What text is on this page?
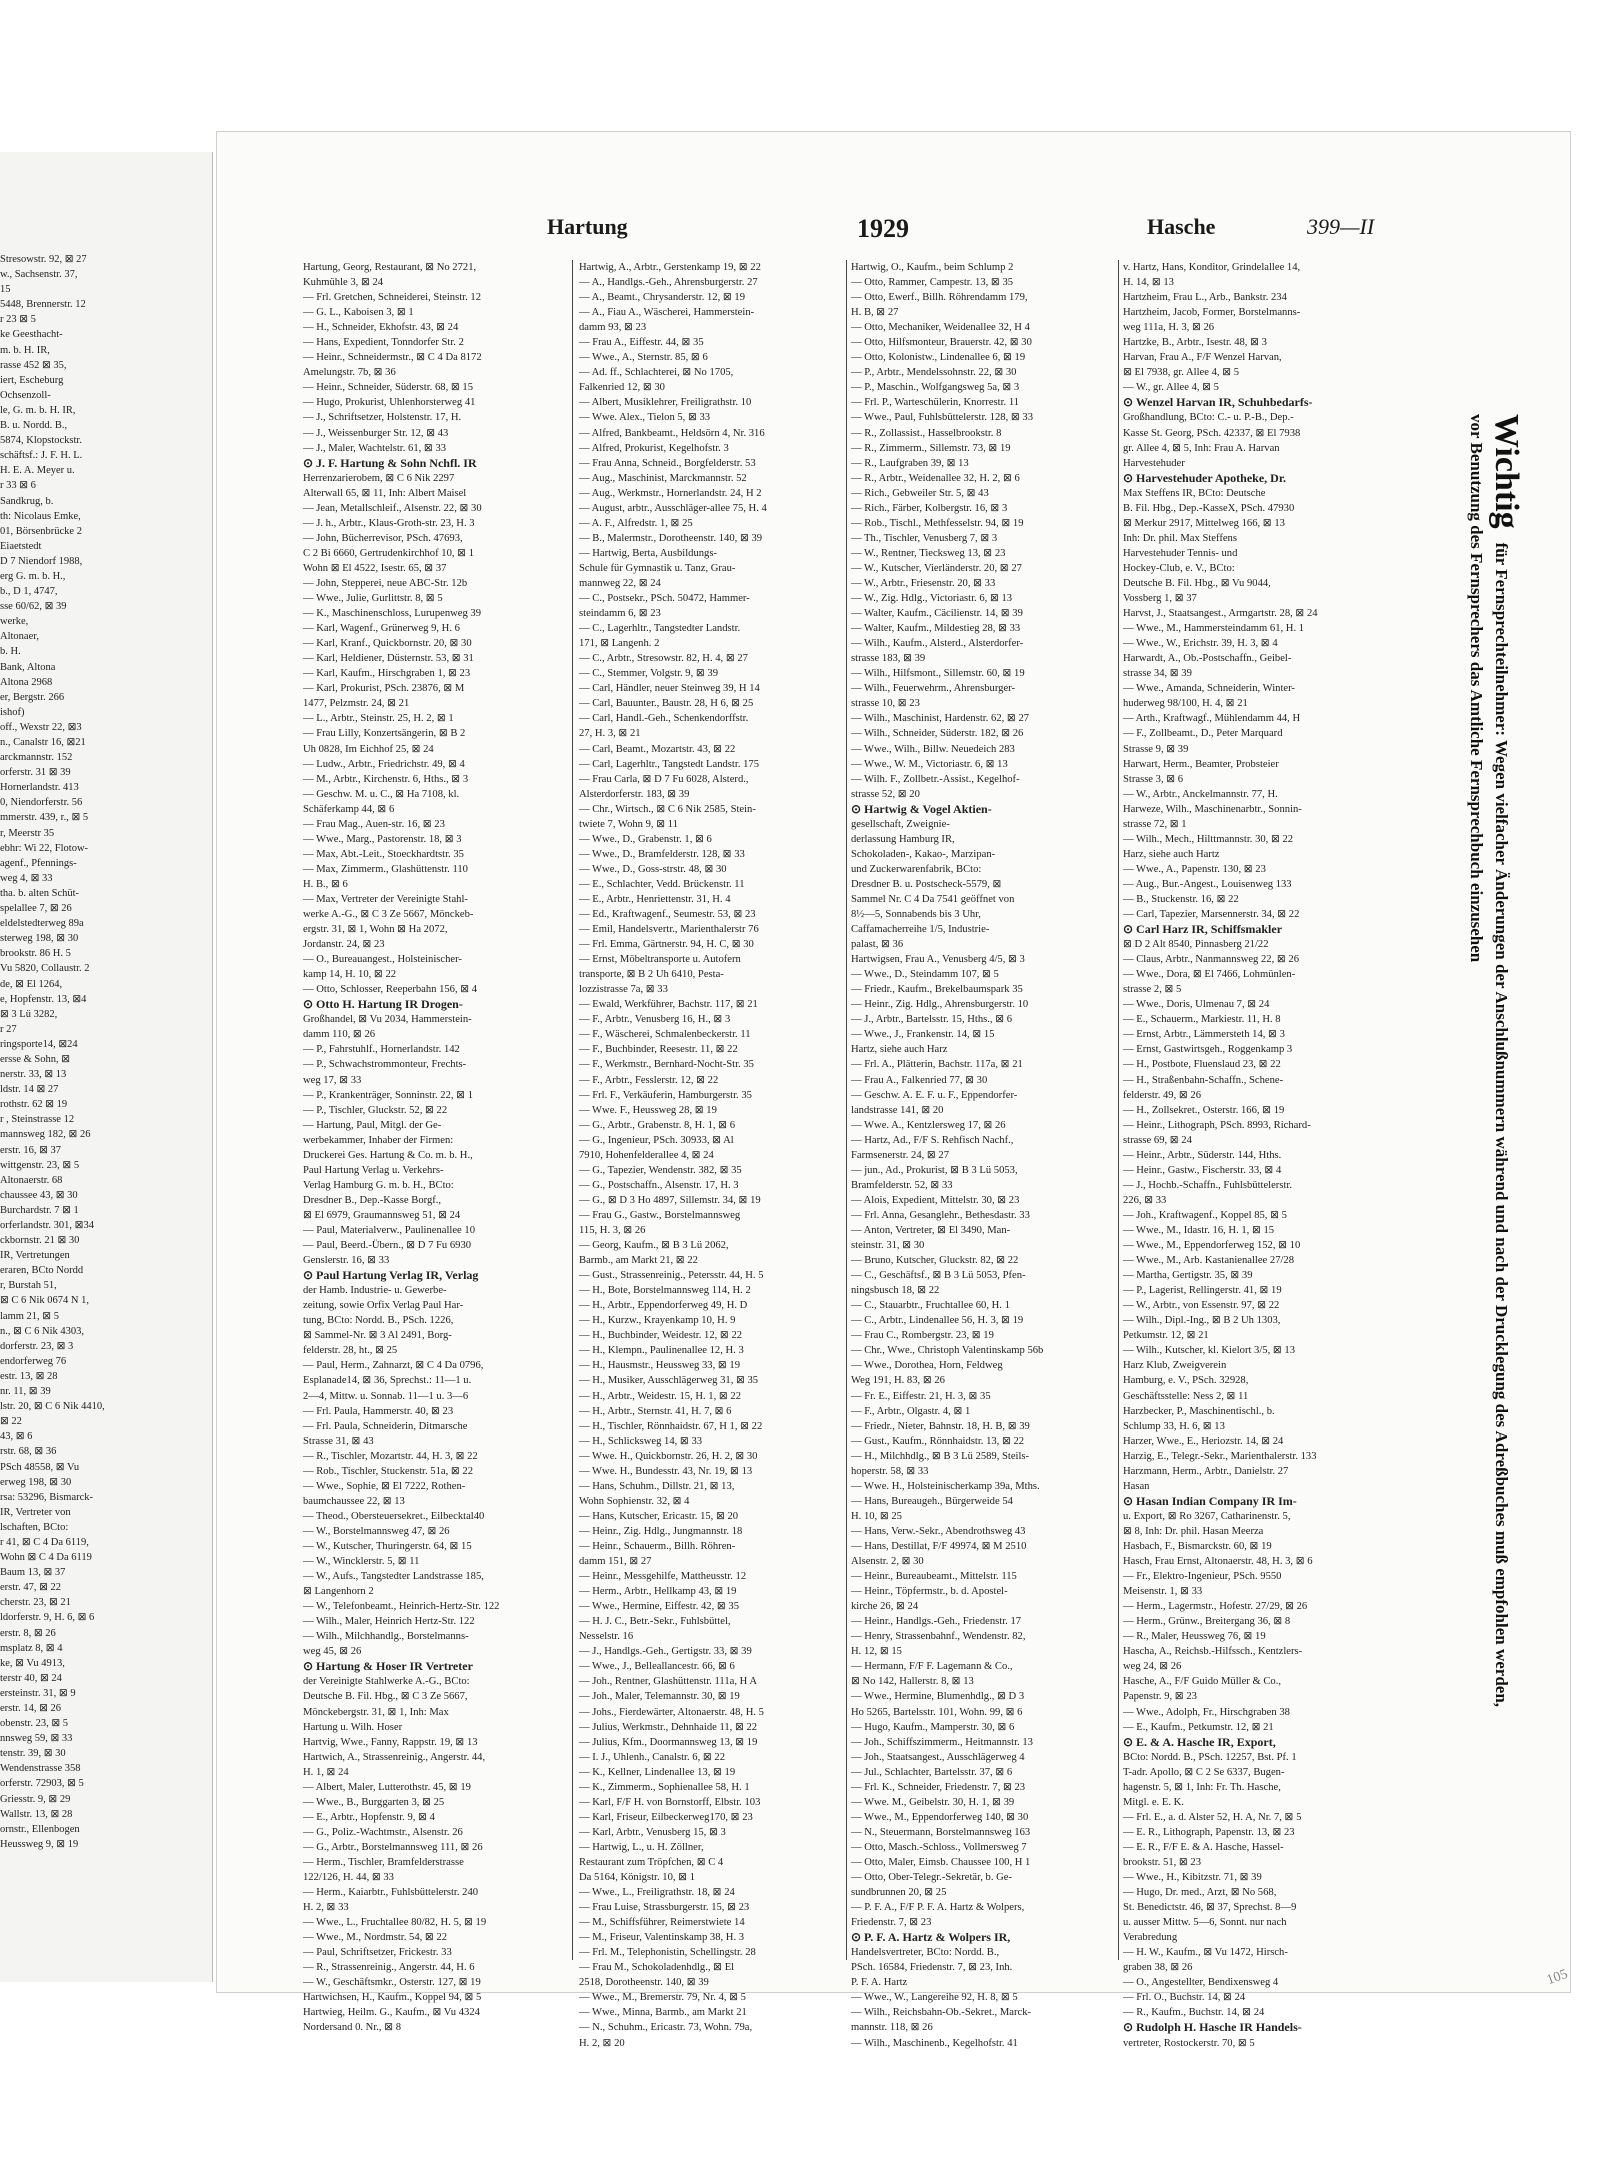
Stresowstr. 92, ⊠ 27
w., Sachsenstr. 37,
15
5448, Brennerstr. 12
r 23 ⊠ 5
ke Geesthacht-
m. b. H. IR,
rasse 452 ⊠ 35,
iert, Escheburg
Ochsenzoll-
le, G. m. b. H. IR,
B. u. Nordd. B.,
5874, Klopstockstr.
schäftsf.: J. F. H. L.
H. E. A. Meyer u.
r 33 ⊠ 6
Sandkrug, b.
th: Nicolaus Emke,
01, Börsenbrücke 2
Eiaetstedt
D 7 Niendorf 1988,
erg G. m. b. H.,
b., D 1, 4747,
sse 60/62, ⊠ 39
werke,
Altonaer,
b. H.
Bank, Altona
Altona 2968
er, Bergstr. 266
ishof)
off., Wexstr 22, ⊠3
n., Canalstr 16, ⊠21
arckmannstr. 152
orferstr. 31 ⊠ 39
Hornerlandstr. 413
0, Niendorferstr. 56
mmerstr. 439, r., ⊠ 5
r, Meerstr 35
ebhr: Wi 22, Flotow-
agenf., Pfennings-
weg 4, ⊠ 33
tha. b. alten Schüt-
spelallee 7, ⊠ 26
eldelstedterweg 89a
sterweg 198, ⊠ 30
brookstr. 86 H. 5
Vu 5820, Collaustr. 2
de, ⊠ El 1264,
e, Hopfenstr. 13, ⊠4
⊠ 3 Lü 3282,
r 27
ringsporte14, ⊠24
ersse & Sohn, ⊠
nerstr. 33, ⊠ 13
ldstr. 14 ⊠ 27
rothstr. 62 ⊠ 19
r , Steinstrasse 12
mannsweg 182, ⊠ 26
erstr. 16, ⊠ 37
wittgenstr. 23, ⊠ 5
Altonaerstr. 68
chaussee 43, ⊠ 30
Burchardstr. 7 ⊠ 1
orferlandstr. 301, ⊠34
ckbornstr. 21 ⊠ 30
IR, Vertretungen
eraren, BCto Nordd
r, Burstah 51,
⊠ C 6 Nik 0674 N 1,
lamm 21, ⊠ 5
n., ⊠ C 6 Nik 4303,
dorferstr. 23, ⊠ 3
endorferweg 76
estr. 13, ⊠ 28
nr. 11, ⊠ 39
lstr. 20, ⊠ C 6 Nik 4410,
⊠ 22
43, ⊠ 6
rstr. 68, ⊠ 36
PSch 48558, ⊠ Vu
erweg 198, ⊠ 30
rsa: 53296, Bismarck-
IR, Vertreter von
lschaften, BCto:
r 41, ⊠ C 4 Da 6119,
Wohn ⊠ C 4 Da 6119
Baum 13, ⊠ 37
erstr. 47, ⊠ 22
cherstr. 23, ⊠ 21
ldorferstr. 9, H. 6, ⊠ 6
erstr. 8, ⊠ 26
msplatz 8, ⊠ 4
ke, ⊠ Vu 4913,
terstr 40, ⊠ 24
ersteinstr. 31, ⊠ 9
erstr. 14, ⊠ 26
obenstr. 23, ⊠ 5
nnsweg 59, ⊠ 33
tenstr. 39, ⊠ 30
Wendenstrasse 358
orferstr. 72903, ⊠ 5
Griesstr. 9, ⊠ 29
Wallstr. 13, ⊠ 28
ornstr., Ellenbogen
Heussweg 9, ⊠ 19
Hartung	1929	Hasche	399—II
Hartung, Georg, Restaurant, ⊠ No 2721,
Kuhmühle 3, ⊠ 24
— Frl. Gretchen, Schneiderei, Steinstr. 12
— G. L., Kaboisen 3, ⊠ 1
— H., Schneider, Ekhofstr. 43, ⊠ 24
— Hans, Expedient, Tonndorfer Str. 2
— Heinr., Schneidermstr., ⊠ C 4 Da 8172
Amelungstr. 7b, ⊠ 36
— Heinr., Schneider, Süderstr. 68, ⊠ 15
— Hugo, Prokurist, Uhlenhorsterweg 41
— J., Schriftsetzer, Holstenstr. 17, H.
— J., Weissenburger Str. 12, ⊠ 43
— J., Maler, Wachtelstr. 61, ⊠ 33
⊙ J. F. Hartung & Sohn Nchfl. IR
Herrenzarierobem, ⊠ C 6 Nik 2297
Alterwall 65, ⊠ 11, Inh: Albert Maisel
— Jean, Metallschleif., Alsenstr. 22, ⊠ 30
— J. h., Arbtr., Klaus-Groth-str. 23, H. 3
— John, Bücherrevisor, PSch. 47693,
C 2 Bi 6660, Gertrudenkirchhof 10, ⊠ 1
Wohn ⊠ El 4522, Isestr. 65, ⊠ 37
— John, Stepperei, neue ABC-Str. 12b
— Wwe., Julie, Gurlittstr. 8, ⊠ 5
— K., Maschinenschloss, Lurupenweg 39
— Karl, Wagenf., Grünerweg 9, H. 6
— Karl, Kranf., Quickbornstr. 20, ⊠ 30
— Karl, Heldiener, Düsternstr. 53, ⊠ 31
— Karl, Kaufm., Hirschgraben 1, ⊠ 23
— Karl, Prokurist, PSch. 23876, ⊠ M
1477, Pelzmstr. 24, ⊠ 21
— L., Arbtr., Steinstr. 25, H. 2, ⊠ 1
— Frau Lilly, Konzertsängerin, ⊠ B 2
Uh 0828, Im Eichhof 25, ⊠ 24
— Ludw., Arbtr., Friedrichstr. 49, ⊠ 4
— M., Arbtr., Kirchenstr. 6, Hths., ⊠ 3
— Geschw. M. u. C., ⊠ Ha 7108, kl.
Schäferkamp 44, ⊠ 6
— Frau Mag., Auen-str. 16, ⊠ 23
— Wwe., Marg., Pastorenstr. 18, ⊠ 3
— Max, Abt.-Leit., Stoeckhardtstr. 35
— Max, Zimmerm., Glashüttenstr. 110
H. B., ⊠ 6
— Max, Vertreter der Vereinigte Stahl-
werke A.-G., ⊠ C 3 Ze 5667, Mönckeb-
ergstr. 31, ⊠ 1, Wohn ⊠ Ha 2072,
Jordanstr. 24, ⊠ 23
— O., Bureauangest., Holsteinischer-
kamp 14, H. 10, ⊠ 22
— Otto, Schlosser, Reeperbahn 156, ⊠ 4
⊙ Otto H. Hartung IR Drogen-
Großhandel, ⊠ Vu 2034, Hammerstein-
damm 110, ⊠ 26
— P., Fahrstuhlf., Hornerlandstr. 142
— P., Schwachstrommonteur, Frechts-
weg 17, ⊠ 33
— P., Krankenträger, Sonninstr. 22, ⊠ 1
— P., Tischler, Gluckstr. 52, ⊠ 22
— Hartung, Paul, Mitgl. der Ge-
werbekammer, Inhaber der Firmen:
Druckerei Ges. Hartung & Co. m. b. H.,
Paul Hartung Verlag u. Verkehrs-
Verlag Hamburg G. m. b. H., BCto:
Dresdner B., Dep.-Kasse Borgf.,
⊠ El 6979, Graumannsweg 51, ⊠ 24
— Paul, Materialverw., Paulinenallee 10
— Paul, Beerd.-Übern., ⊠ D 7 Fu 6930
Genslerstr. 16, ⊠ 33
⊙ Paul Hartung Verlag IR, Verlag
der Hamb. Industrie- u. Gewerbe-
zeitung, sowie Orfix Verlag Paul Har-
tung, BCto: Nordd. B., PSch. 1226,
⊠ Sammel-Nr. ⊠ 3 Al 2491, Borg-
felderstr. 28, ht., ⊠ 25
— Paul, Herm., Zahnarzt, ⊠ C 4 Da 0796,
Esplanade14, ⊠ 36, Sprechst.: 11—1 u.
2—4, Mittw. u. Sonnab. 11—1 u. 3—6
— Frl. Paula, Hammerstr. 40, ⊠ 23
— Frl. Paula, Schneiderin, Ditmarsche
Strasse 31, ⊠ 43
— R., Tischler, Mozartstr. 44, H. 3, ⊠ 22
— Rob., Tischler, Stuckenstr. 51a, ⊠ 22
— Wwe., Sophie, ⊠ El 7222, Rothen-
baumchaussee 22, ⊠ 13
— Theod., Obersteuersekret., Eilbecktal40
— W., Borstelmannsweg 47, ⊠ 26
— W., Kutscher, Thuringerstr. 64, ⊠ 15
— W., Wincklerstr. 5, ⊠ 11
— W., Aufs., Tangstedter Landstrasse 185,
⊠ Langenhorn 2
— W., Telefonbeamt., Heinrich-Hertz-Str. 122
— Wilh., Maler, Heinrich Hertz-Str. 122
— Wilh., Milchhandlg., Borstelmanns-
weg 45, ⊠ 26
⊙ Hartung & Hoser IR Vertreter
der Vereinigte Stahlwerke A.-G., BCto:
Deutsche B. Fil. Hbg., ⊠ C 3 Ze 5667,
Mönckebergstr. 31, ⊠ 1, Inh: Max
Hartung u. Wilh. Hoser
Hartvig, Wwe., Fanny, Rappstr. 19, ⊠ 13
Hartwich, A., Strassenreinig., Angerstr. 44,
H. 1, ⊠ 24
— Albert, Maler, Lutterothstr. 45, ⊠ 19
— Wwe., B., Burggarten 3, ⊠ 25
— E., Arbtr., Hopfenstr. 9, ⊠ 4
— G., Poliz.-Wachtmstr., Alsenstr. 26
— G., Arbtr., Borstelmannsweg 111, ⊠ 26
— Herm., Tischler, Bramfelderstrasse
122/126, H. 44, ⊠ 33
— Herm., Kaiarbtr., Fuhlsbüttelerstr. 240
H. 2, ⊠ 33
— Wwe., L., Fruchtallee 80/82, H. 5, ⊠ 19
— Wwe., M., Nordmstr. 54, ⊠ 22
— Paul, Schriftsetzer, Frickestr. 33
— R., Strassenreinig., Angerstr. 44, H. 6
— W., Geschäftsmkr., Osterstr. 127, ⊠ 19
Hartwichsen, H., Kaufm., Koppel 94, ⊠ 5
Hartwieg, Heilm. G., Kaufm., ⊠ Vu 4324
Nordersand 0. Nr., ⊠ 8
Hartwig, A., Arbtr., Gerstenkamp 19, ⊠ 22
— A., Handlgs.-Geh., Ahrensburgerstr. 27
— A., Beamt., Chrysanderstr. 12, ⊠ 19
— A., Fiau A., Wäscherei, Hammerstein-
damm 93, ⊠ 23
— Frau A., Eiffestr. 44, ⊠ 35
— Wwe., A., Sternstr. 85, ⊠ 6
— Ad. ff., Schlachterei, ⊠ No 1705,
Falkenried 12, ⊠ 30
— Albert, Musiklehrer, Freiligrathstr. 10
— Wwe. Alex., Tielon 5, ⊠ 33
— Alfred, Bankbeamt., Heldsörn 4, Nr. 316
— Alfred, Prokurist, Kegelhofstr. 3
— Frau Anna, Schneid., Borgfelderstr. 53
— Aug., Maschinist, Marckmannstr. 52
— Aug., Werkmstr., Hornerlandstr. 24, H 2
— August, arbtr., Ausschläger-allee 75, H. 4
— A. F., Alfredstr. 1, ⊠ 25
— B., Malermstr., Dorotheenstr. 140, ⊠ 39
— Hartwig, Berta, Ausbildungs-
Schule für Gymnastik u. Tanz, Grau-
mannweg 22, ⊠ 24
— C., Postsekr., PSch. 50472, Hammer-
steindamm 6, ⊠ 23
— C., Lagerhltr., Tangstedter Landstr.
171, ⊠ Langenh. 2
— C., Arbtr., Stresowstr. 82, H. 4, ⊠ 27
— C., Stemmer, Volgstr. 9, ⊠ 39
— Carl, Händler, neuer Steinweg 39, H 14
— Carl, Bauunter., Baustr. 28, H 6, ⊠ 25
— Carl, Handl.-Geh., Schenkendorffstr.
27, H. 3, ⊠ 21
— Carl, Beamt., Mozartstr. 43, ⊠ 22
— Carl, Lagerhltr., Tangstedt Landstr. 175
— Frau Carla, ⊠ D 7 Fu 6028, Alsterd.,
Alsterdorferstr. 183, ⊠ 39
— Chr., Wirtsch., ⊠ C 6 Nik 2585, Stein-
twiete 7, Wohn 9, ⊠ 11
— Wwe., D., Grabenstr. 1, ⊠ 6
— Wwe., D., Bramfelderstr. 128, ⊠ 33
— Wwe., D., Goss-strstr. 48, ⊠ 30
— E., Schlachter, Vedd. Brückenstr. 11
— E., Arbtr., Henriettenstr. 31, H. 4
— Ed., Kraftwagenf., Seumestr. 53, ⊠ 23
— Emil, Handelsvertr., Marienthalerstr 76
— Frl. Emma, Gärtnerstr. 94, H. C, ⊠ 30
— Ernst, Möbeltransporte u. Autofern
transporte, ⊠ B 2 Uh 6410, Pesta-
lozzistrasse 7a, ⊠ 33
— Ewald, Werkführer, Bachstr. 117, ⊠ 21
— F., Arbtr., Venusberg 16, H., ⊠ 3
— F., Wäscherei, Schmalenbeckerstr. 11
— F., Buchbinder, Reesestr. 11, ⊠ 22
— F., Werkmstr., Bernhard-Nocht-Str. 35
— F., Arbtr., Fesslerstr. 12, ⊠ 22
— Frl. F., Verkäuferin, Hamburgerstr. 35
— Wwe. F., Heussweg 28, ⊠ 19
— G., Arbtr., Grabenstr. 8, H. 1, ⊠ 6
— G., Ingenieur, PSch. 30933, ⊠ Al
7910, Hohenfelderallee 4, ⊠ 24
— G., Tapezier, Wendenstr. 382, ⊠ 35
— G., Postschaffn., Alsenstr. 17, H. 3
— G., ⊠ D 3 Ho 4897, Sillemstr. 34, ⊠ 19
— Frau G., Gastw., Borstelmannsweg
115, H. 3, ⊠ 26
— Georg, Kaufm., ⊠ B 3 Lü 2062,
Barmb., am Markt 21, ⊠ 22
— Gust., Strassenreinig., Petersstr. 44, H. 5
— H., Bote, Borstelmannsweg 114, H. 2
— H., Arbtr., Eppendorferweg 49, H. D
— H., Kurzw., Krayenkamp 10, H. 9
— H., Buchbinder, Weidestr. 12, ⊠ 22
— H., Klempn., Paulinenallee 12, H. 3
— H., Hausmstr., Heussweg 33, ⊠ 19
— H., Musiker, Ausschlägerweg 31, ⊠ 35
— H., Arbtr., Weidestr. 15, H. 1, ⊠ 22
— H., Arbtr., Sternstr. 41, H. 7, ⊠ 6
— H., Tischler, Rönnhaidstr. 67, H 1, ⊠ 22
— H., Schlicksweg 14, ⊠ 33
— Wwe. H., Quickbornstr. 26, H. 2, ⊠ 30
— Wwe. H., Bundesstr. 43, Nr. 19, ⊠ 13
— Hans, Schuhm., Dillstr. 21, ⊠ 13,
Wohn Sophienstr. 32, ⊠ 4
— Hans, Kutscher, Ericastr. 15, ⊠ 20
— Heinr., Zig. Hdlg., Jungmannstr. 18
— Heinr., Schauerm., Billh. Röhren-
damm 151, ⊠ 27
— Heinr., Messgehilfe, Mattheusstr. 12
— Herm., Arbtr., Hellkamp 43, ⊠ 19
— Wwe., Hermine, Eiffestr. 42, ⊠ 35
— H. J. C., Betr.-Sekr., Fuhlsbüttel,
Nesselstr. 16
— J., Handlgs.-Geh., Gertigstr. 33, ⊠ 39
— Wwe., J., Belleallancestr. 66, ⊠ 6
— Joh., Rentner, Glashüttenstr. 111a, H A
— Joh., Maler, Telemannstr. 30, ⊠ 19
— Johs., Fierdewärter, Altonaerstr. 48, H. 5
— Julius, Werkmstr., Dehnhaide 11, ⊠ 22
— Julius, Kfm., Doormannsweg 13, ⊠ 19
— I. J., Uhlenh., Canalstr. 6, ⊠ 22
— K., Kellner, Lindenallee 13, ⊠ 19
— K., Zimmerm., Sophienallee 58, H. 1
— Karl, F/F H. von Bornstorff, Elbstr. 103
— Karl, Friseur, Eilbeckerweg170, ⊠ 23
— Karl, Arbtr., Venusberg 15, ⊠ 3
— Hartwig, L., u. H. Zöllner,
Restaurant zum Tröpfchen, ⊠ C 4
Da 5164, Königstr. 10, ⊠ 1
— Wwe., L., Freiligrathstr. 18, ⊠ 24
— Frau Luise, Strassburgerstr. 15, ⊠ 23
— M., Schiffsführer, Reimerstwiete 14
— M., Friseur, Valentinskamp 38, H. 3
— Frl. M., Telephonistin, Schellingstr. 28
— Frau M., Schokoladenhdlg., ⊠ El
2518, Dorotheenstr. 140, ⊠ 39
— Wwe., M., Bremerstr. 79, Nr. 4, ⊠ 5
— Wwe., Minna, Barmb., am Markt 21
— N., Schuhm., Ericastr. 73, Wohn. 79a,
H. 2, ⊠ 20
Hartwig, O., Kaufm., beim Schlump 2
— Otto, Rammer, Campestr. 13, ⊠ 35
— Otto, Ewerf., Billh. Röhrendamm 179,
H. B, ⊠ 27
— Otto, Mechaniker, Weidenallee 32, H 4
— Otto, Hilfsmonteur, Brauerstr. 42, ⊠ 30
— Otto, Kolonistw., Lindenallee 6, ⊠ 19
— P., Arbtr., Mendelssohnstr. 22, ⊠ 30
— P., Maschin., Wolfgangsweg 5a, ⊠ 3
— Frl. P., Warteschülerin, Knorrestr. 11
— Wwe., Paul, Fuhlsbüttelerstr. 128, ⊠ 33
— R., Zollassist., Hasselbrookstr. 8
— R., Zimmerm., Sillemstr. 73, ⊠ 19
— R., Laufgraben 39, ⊠ 13
— R., Arbtr., Weidenallee 32, H. 2, ⊠ 6
— Rich., Gebweiler Str. 5, ⊠ 43
— Rich., Färber, Kolbergstr. 16, ⊠ 3
— Rob., Tischl., Methfesselstr. 94, ⊠ 19
— Th., Tischler, Venusberg 7, ⊠ 3
— W., Rentner, Tiecksweg 13, ⊠ 23
— W., Kutscher, Vierländerstr. 20, ⊠ 27
— W., Arbtr., Friesenstr. 20, ⊠ 33
— W., Zig. Hdlg., Victoriastr. 6, ⊠ 13
— Walter, Kaufm., Cäcilienstr. 14, ⊠ 39
— Walter, Kaufm., Mildestieg 28, ⊠ 33
— Wilh., Kaufm., Alsterd., Alsterdorfer-
strasse 183, ⊠ 39
— Wilh., Hilfsmont., Sillemstr. 60, ⊠ 19
— Wilh., Feuerwehrm., Ahrensburger-
strasse 10, ⊠ 23
— Wilh., Maschinist, Hardenstr. 62, ⊠ 27
— Wilh., Schneider, Süderstr. 182, ⊠ 26
— Wwe., Wilh., Billw. Neuedeich 283
— Wwe., W. M., Victoriastr. 6, ⊠ 13
— Wilh. F., Zollbetr.-Assist., Kegelhof-
strasse 52, ⊠ 20
⊙ Hartwig & Vogel Aktien-
gesellschaft, Zweignie-
derlassung Hamburg IR,
Schokoladen-, Kakao-, Marzipan-
und Zuckerwarenfabrik, BCto:
Dresdner B. u. Postscheck-5579, ⊠
Sammel Nr. C 4 Da 7541 geöffnet von
8½—5, Sonnabends bis 3 Uhr,
Caffamacherreihe 1/5, Industrie-
palast, ⊠ 36
Hartwigsen, Frau A., Venusberg 4/5, ⊠ 3
— Wwe., D., Steindamm 107, ⊠ 5
— Friedr., Kaufm., Brekelbaumspark 35
— Heinr., Zig. Hdlg., Ahrensburgerstr. 10
— J., Arbtr., Bartelsstr. 15, Hths., ⊠ 6
— Wwe., J., Frankenstr. 14, ⊠ 15
Hartz, siehe auch Harz
— Frl. A., Plätterin, Bachstr. 117a, ⊠ 21
— Frau A., Falkenried 77, ⊠ 30
— Geschw. A. E. F. u. F., Eppendorfer-
landstrasse 141, ⊠ 20
— Wwe. A., Kentzlersweg 17, ⊠ 26
— Hartz, Ad., F/F S. Rehfisch Nachf.,
Farmsenerstr. 24, ⊠ 27
— jun., Ad., Prokurist, ⊠ B 3 Lü 5053,
Bramfelderstr. 52, ⊠ 33
— Alois, Expedient, Mittelstr. 30, ⊠ 23
— Frl. Anna, Gesanglehr., Bethesdastr. 33
— Anton, Vertreter, ⊠ El 3490, Man-
steinstr. 31, ⊠ 30
— Bruno, Kutscher, Gluckstr. 82, ⊠ 22
— C., Geschäftsf., ⊠ B 3 Lü 5053, Pfen-
ningsbusch 18, ⊠ 22
— C., Stauarbtr., Fruchtallee 60, H. 1
— C., Arbtr., Lindenallee 56, H. 3, ⊠ 19
— Frau C., Rombergstr. 23, ⊠ 19
— Chr., Wwe., Christoph Valentinskamp 56b
— Wwe., Dorothea, Horn, Feldweg
Weg 191, H. 83, ⊠ 26
— Fr. E., Eiffestr. 21, H. 3, ⊠ 35
— F., Arbtr., Olgastr. 4, ⊠ 1
— Friedr., Nieter, Bahnstr. 18, H. B, ⊠ 39
— Gust., Kaufm., Rönnhaidstr. 13, ⊠ 22
— H., Milchhdlg., ⊠ B 3 Lü 2589, Steils-
hoperstr. 58, ⊠ 33
— Wwe. H., Holsteinischerkamp 39a, Mths.
— Hans, Bureaugeh., Bürgerweide 54
H. 10, ⊠ 25
— Hans, Verw.-Sekr., Abendrothsweg 43
— Hans, Destillat, F/F 49974, ⊠ M 2510
Alsenstr. 2, ⊠ 30
— Heinr., Bureaubeamt., Mittelstr. 115
— Heinr., Töpfermstr., b. d. Apostel-
kirche 26, ⊠ 24
— Heinr., Handlgs.-Geh., Friedenstr. 17
— Henry, Strassenbahnf., Wendenstr. 82,
H. 12, ⊠ 15
— Hermann, F/F F. Lagemann & Co.,
⊠ No 142, Hallerstr. 8, ⊠ 13
— Wwe., Hermine, Blumenhdlg., ⊠ D 3
Ho 5265, Bartelsstr. 101, Wohn. 99, ⊠ 6
— Hugo, Kaufm., Mamperstr. 30, ⊠ 6
— Joh., Schiffszimmerm., Heitmannstr. 13
— Joh., Staatsangest., Ausschlägerweg 4
— Jul., Schlachter, Bartelsstr. 37, ⊠ 6
— Frl. K., Schneider, Friedenstr. 7, ⊠ 23
— Wwe. M., Geibelstr. 30, H. 1, ⊠ 39
— Wwe., M., Eppendorferweg 140, ⊠ 30
— N., Steuermann, Borstelmannsweg 163
— Otto, Masch.-Schloss., Vollmersweg 7
— Otto, Maler, Eimsb. Chaussee 100, H 1
— Otto, Ober-Telegr.-Sekretär, b. Ge-
sundbrunnen 20, ⊠ 25
— P. F. A., F/F P. F. A. Hartz & Wolpers,
Friedenstr. 7, ⊠ 23
⊙ P. F. A. Hartz & Wolpers IR,
Handelsvertreter, BCto: Nordd. B.,
PSch. 16584, Friedenstr. 7, ⊠ 23, Inh.
P. F. A. Hartz
— Wwe., W., Langereihe 92, H. 8, ⊠ 5
— Wilh., Reichsbahn-Ob.-Sekret., Marck-
mannstr. 118, ⊠ 26
— Wilh., Maschinenb., Kegelhofstr. 41
v. Hartz, Hans, Konditor, Grindelallee 14,
H. 14, ⊠ 13
Hartzheim, Frau L., Arb., Bankstr. 234
Hartzheim, Jacob, Former, Borstelmanns-
weg 111a, H. 3, ⊠ 26
Hartzke, B., Arbtr., Isestr. 48, ⊠ 3
Harvan, Frau A., F/F Wenzel Harvan,
⊠ El 7938, gr. Allee 4, ⊠ 5
— W., gr. Allee 4, ⊠ 5
⊙ Wenzel Harvan IR, Schuhbedarfs-
Großhandlung, BCto: C.- u. P.-B., Dep.-
Kasse St. Georg, PSch. 42337, ⊠ El 7938
gr. Allee 4, ⊠ 5, Inh: Frau A. Harvan
Harvestehuder
⊙ Harvestehuder Apotheke, Dr.
Max Steffens IR, BCto: Deutsche
B. Fil. Hbg., Dep.-KasseX, PSch. 47930
⊠ Merkur 2917, Mittelweg 166, ⊠ 13
Inh: Dr. phil. Max Steffens
Harvestehuder Tennis- und
Hockey-Club, e. V., BCto:
Deutsche B. Fil. Hbg., ⊠ Vu 9044,
Vossberg 1, ⊠ 37
Harvst, J., Staatsangest., Armgartstr. 28, ⊠ 24
— Wwe., M., Hammersteindamm 61, H. 1
— Wwe., W., Erichstr. 39, H. 3, ⊠ 4
Harwardt, A., Ob.-Postschaffn., Geibel-
strasse 34, ⊠ 39
— Wwe., Amanda, Schneiderin, Winter-
huderweg 98/100, H. 4, ⊠ 21
— Arth., Kraftwagf., Mühlendamm 44, H
— F., Zollbeamt., D., Peter Marquard
Strasse 9, ⊠ 39
Harwart, Herm., Beamter, Probsteier
Strasse 3, ⊠ 6
— W., Arbtr., Anckelmannstr. 77, H.
Harweze, Wilh., Maschinenarbtr., Sonnin-
strasse 72, ⊠ 1
— Wilh., Mech., Hilttmannstr. 30, ⊠ 22
Harz, siehe auch Hartz
— Wwe., A., Papenstr. 130, ⊠ 23
— Aug., Bur.-Angest., Louisenweg 133
— B., Stuckenstr. 16, ⊠ 22
— Carl, Tapezier, Marsennerstr. 34, ⊠ 22
⊙ Carl Harz IR, Schiffsmakler
⊠ D 2 Alt 8540, Pinnasberg 21/22
— Claus, Arbtr., Nanmannsweg 22, ⊠ 26
— Wwe., Dora, ⊠ El 7466, Lohmünlen-
strasse 2, ⊠ 5
— Wwe., Doris, Ulmenau 7, ⊠ 24
— E., Schauerm., Markiestr. 11, H. 8
— Ernst, Arbtr., Lämmersteth 14, ⊠ 3
— Ernst, Gastwirtsgeh., Roggenkamp 3
— H., Postbote, Fluenslaud 23, ⊠ 22
— H., Straßenbahn-Schaffn., Schene-
felderstr. 49, ⊠ 26
— H., Zollsekret., Osterstr. 166, ⊠ 19
— Heinr., Lithograph, PSch. 8993, Richard-
strasse 69, ⊠ 24
— Heinr., Arbtr., Süderstr. 144, Hths.
— Heinr., Gastw., Fischerstr. 33, ⊠ 4
— J., Hochb.-Schaffn., Fuhlsbüttelerstr.
226, ⊠ 33
— Joh., Kraftwagenf., Koppel 85, ⊠ 5
— Wwe., M., Idastr. 16, H. 1, ⊠ 15
— Wwe., M., Eppendorferweg 152, ⊠ 10
— Wwe., M., Arb. Kastanienallee 27/28
— Martha, Gertigstr. 35, ⊠ 39
— P., Lagerist, Rellingerstr. 41, ⊠ 19
— W., Arbtr., von Essenstr. 97, ⊠ 22
— Wilh., Dipl.-Ing., ⊠ B 2 Uh 1303,
Petkumstr. 12, ⊠ 21
— Wilh., Kutscher, kl. Kielort 3/5, ⊠ 13
Harz Klub, Zweigverein
Hamburg, e. V., PSch. 32928,
Geschäftsstelle: Ness 2, ⊠ 11
Harzbecker, P., Maschinentischl., b.
Schlump 33, H. 6, ⊠ 13
Harzer, Wwe., E., Heriozstr. 14, ⊠ 24
Harzig, E., Telegr.-Sekr., Marienthalerstr. 133
Harzmann, Herm., Arbtr., Danielstr. 27
Hasan
⊙ Hasan Indian Company IR Im-
u. Export, ⊠ Ro 3267, Catharinenstr. 5,
⊠ 8, Inh: Dr. phil. Hasan Meerza
Hasbach, F., Bismarckstr. 60, ⊠ 19
Hasch, Frau Ernst, Altonaerstr. 48, H. 3, ⊠ 6
— Fr., Elektro-Ingenieur, PSch. 9550
Meisenstr. 1, ⊠ 33
— Herm., Lagermstr., Hofestr. 27/29, ⊠ 26
— Herm., Grünw., Breitergang 36, ⊠ 8
— R., Maler, Heussweg 76, ⊠ 19
Hascha, A., Reichsb.-Hilfssch., Kentzlers-
weg 24, ⊠ 26
Hasche, A., F/F Guido Müller & Co.,
Papenstr. 9, ⊠ 23
— Wwe., Adolph, Fr., Hirschgraben 38
— E., Kaufm., Petkumstr. 12, ⊠ 21
⊙ E. & A. Hasche IR, Export,
BCto: Nordd. B., PSch. 12257, Bst. Pf. 1
T-adr. Apollo, ⊠ C 2 Se 6337, Bugen-
hagenstr. 5, ⊠ 1, Inh: Fr. Th. Hasche,
Mitgl. e. E. K.
— Frl. E., a. d. Alster 52, H. A, Nr. 7, ⊠ 5
— E. R., Lithograph, Papenstr. 13, ⊠ 23
— E. R., F/F E. & A. Hasche, Hassel-
brookstr. 51, ⊠ 23
— Wwe., H., Kibitzstr. 71, ⊠ 39
— Hugo, Dr. med., Arzt, ⊠ No 568,
St. Benedictstr. 46, ⊠ 37, Sprechst. 8—9
u. ausser Mittw. 5—6, Sonnt. nur nach
Verabredung
— H. W., Kaufm., ⊠ Vu 1472, Hirsch-
graben 38, ⊠ 26
— O., Angestellter, Bendixensweg 4
— Frl. O., Buchstr. 14, ⊠ 24
— R., Kaufm., Buchstr. 14, ⊠ 24
⊙ Rudolph H. Hasche IR Handels-
vertreter, Rostockerstr. 70, ⊠ 5
Wichtig für Fernsprechteilnehmer: Wegen vielfacher Änderungen der Anschlußnummern während und nach der Drucklegung des Adreßbuches muß empfohlen werden, vor Benutzung des Fernsprechers das Amtliche Fernsprechbuch einzusehen
105
